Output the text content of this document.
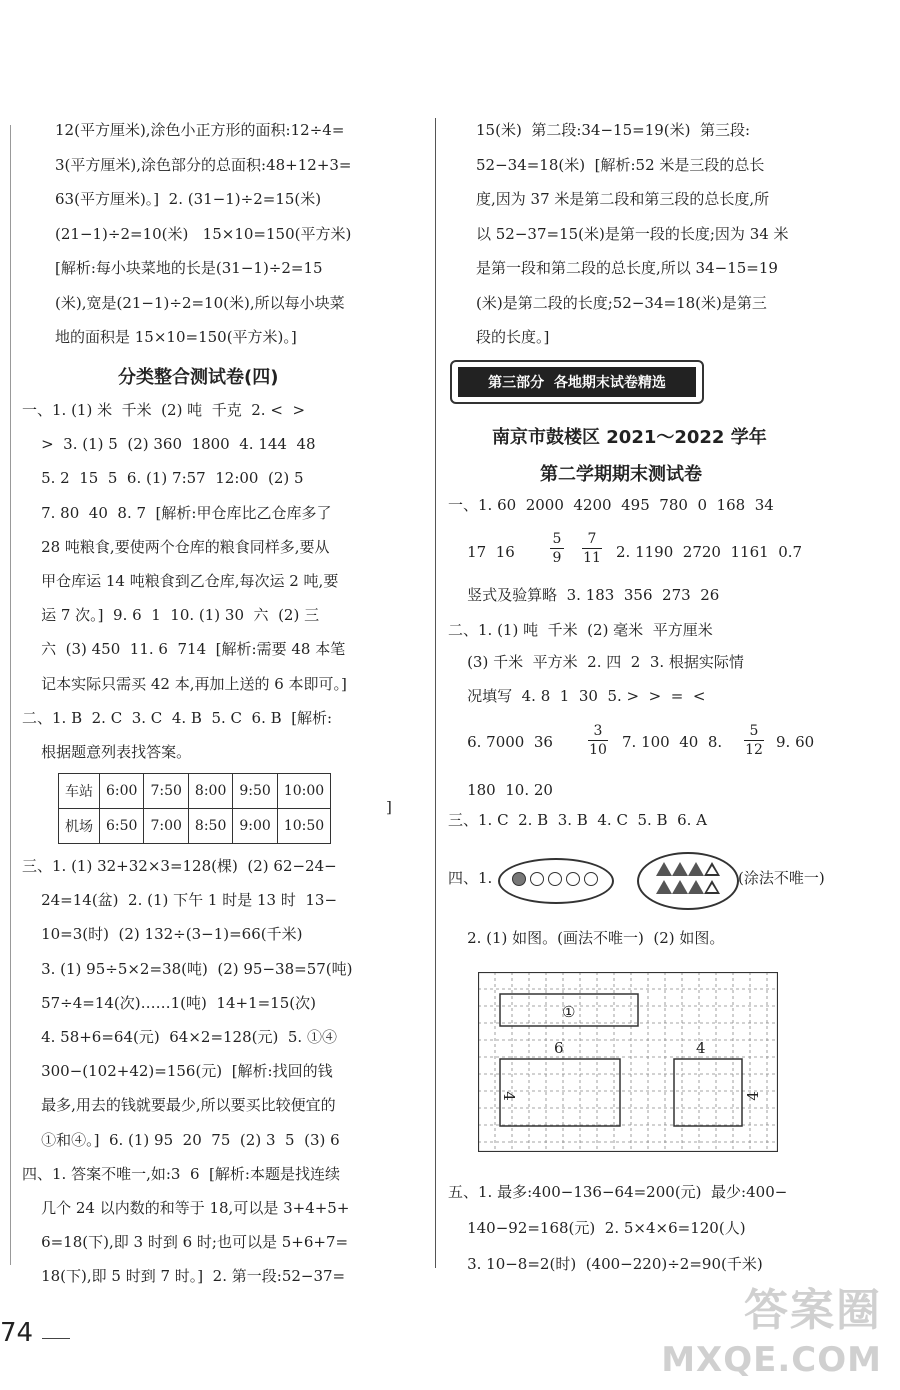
12(平方厘米),涂色小正方形的面积:12÷4=
3(平方厘米),涂色部分的总面积:48+12+3=
63(平方厘米)。]  2. (31−1)÷2=15(米)
(21−1)÷2=10(米)   15×10=150(平方米)
[解析:每小块菜地的长是(31−1)÷2=15
(米),宽是(21−1)÷2=10(米),所以每小块菜
地的面积是 15×10=150(平方米)。]
一、1. (1) 米  千米  (2) 吨  千克  2. <  >
>  3. (1) 5  (2) 360  1800  4. 144  48
5. 2  15  5  6. (1) 7:57  12:00  (2) 5
7. 80  40  8. 7  [解析:甲仓库比乙仓库多了
28 吨粮食,要使两个仓库的粮食同样多,要从
甲仓库运 14 吨粮食到乙仓库,每次运 2 吨,要
运 7 次。]  9. 6  1  10. (1) 30  六  (2) 三
六  (3) 450  11. 6  714  [解析:需要 48 本笔
记本实际只需买 42 本,再加上送的 6 本即可。]
二、1. B  2. C  3. C  4. B  5. C  6. B  [解析:
根据题意列表找答案。
三、1. (1) 32+32×3=128(棵)  (2) 62−24−
24=14(盆)  2. (1) 下午 1 时是 13 时  13−
10=3(时)  (2) 132÷(3−1)=66(千米)
3. (1) 95÷5×2=38(吨)  (2) 95−38=57(吨)
57÷4=14(次)……1(吨)  14+1=15(次)
4. 58+6=64(元)  64×2=128(元)  5. ①④
300−(102+42)=156(元)  [解析:找回的钱
最多,用去的钱就要最少,所以要买比较便宜的
①和④。]  6. (1) 95  20  75  (2) 3  5  (3) 6
四、1. 答案不唯一,如:3  6  [解析:本题是找连续
几个 24 以内数的和等于 18,可以是 3+4+5+
6=18(下),即 3 时到 6 时;也可以是 5+6+7=
18(下),即 5 时到 7 时。]  2. 第一段:52−37=
分类整合测试卷(四)
车站	6:00	7:50	8:00	9:50	10:00
机场	6:50	7:00	8:50	9:00	10:50
]
15(米)  第二段:34−15=19(米)  第三段:
52−34=18(米)  [解析:52 米是三段的总长
度,因为 37 米是第二段和第三段的总长度,所
以 52−37=15(米)是第一段的长度;因为 34 米
是第一段和第二段的总长度,所以 34−15=19
(米)是第二段的长度;52−34=18(米)是第三
段的长度。]
一、1. 60  2000  4200  495  780  0  168  34
17  16
竖式及验算略  3. 183  356  273  26
二、1. (1) 吨  千米  (2) 毫米  平方厘米
(3) 千米  平方米  2. 四  2  3. 根据实际情
况填写  4. 8  1  30  5. >  >  =  <
6. 7000  36
180  10. 20
三、1. C  2. B  3. B  4. C  5. B  6. A
四、1.
2. (1) 如图。(画法不唯一)  (2) 如图。
第三部分  各地期末试卷精选
南京市鼓楼区 2021～2022 学年
第二学期期末测试卷
$\frac{5}{9} \frac{7}{11} 2$. 1190  2720  1161  0.7
$\frac{3}{10} 7$. 100  40  8. $\frac{5}{12} 9$. 60
(涂法不唯一)
①
6	4
4	4
五、1. 最多:400−136−64=200(元)  最少:400−
140−92=168(元)  2. 5×4×6=120(人)
3. 10−8=2(时)  (400−220)÷2=90(千米)
74	答案圈
MXQE.COM
